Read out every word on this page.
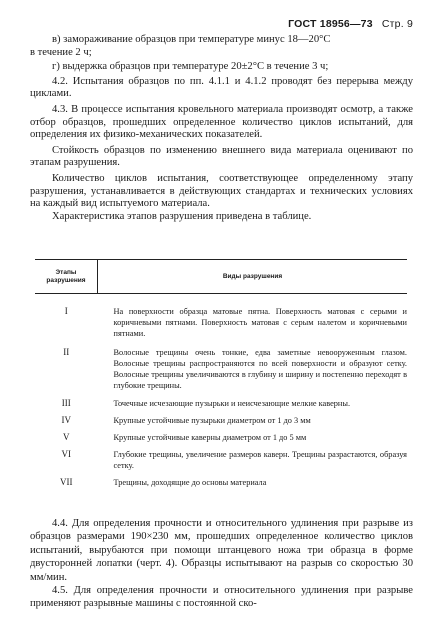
ГОСТ 18956—73 Стр. 9

в) замораживание образцов при температуре минус 18—20°С

в течение 2 ч;

г) выдержка образцов при температуре 20±2°С в течение 3 ч;

4.2. Испытания образцов по пп. 4.1.1 и 4.1.2 проводят без перерыва между циклами.

4.3. В процессе испытания кровельного материала производят осмотр, а также отбор образцов, прошедших определенное количество циклов испытаний, для определения их физико-механических показателей.

Стойкость образцов по изменению внешнего вида материала оценивают по этапам разрушения.

Количество циклов испытания, соответствующее определенному этапу разрушения, устанавливается в действующих стандартах и технических условиях на каждый вид испытуемого материала.

Характеристика этапов разрушения приведена в таблице.

Этапы
разрушения	Виды разрушения
I	На поверхности образца матовые пятна. Поверхность матовая с серыми и коричневыми пятнами. Поверхность матовая с серым налетом и коричневыми пятнами.
II	Волосные трещины очень тонкие, едва заметные невооруженным глазом. Волосные трещины распространяются по всей поверхности и образуют сетку. Волосные трещины увеличиваются в глубину и ширину и постепенно переходят в глубокие трещины.
III	Точечные исчезающие пузырьки и неисчезающие мелкие каверны.
IV	Крупные устойчивые пузырьки диаметром от 1 до 3 мм
V	Крупные устойчивые каверны диаметром от 1 до 5 мм
VI	Глубокие трещины, увеличение размеров каверн. Трещины разрастаются, образуя сетку.
VII	Трещины, доходящие до основы материала

4.4. Для определения прочности и относительного удлинения при разрыве из образцов размерами 190×230 мм, прошедших определенное количество циклов испытаний, вырубаются при помощи штанцевого ножа три образца в форме двусторонней лопатки (черт. 4). Образцы испытывают на разрыв со скоростью 30 мм/мин.

4.5. Для определения прочности и относительного удлинения при разрыве применяют разрывные машины с постоянной ско-
